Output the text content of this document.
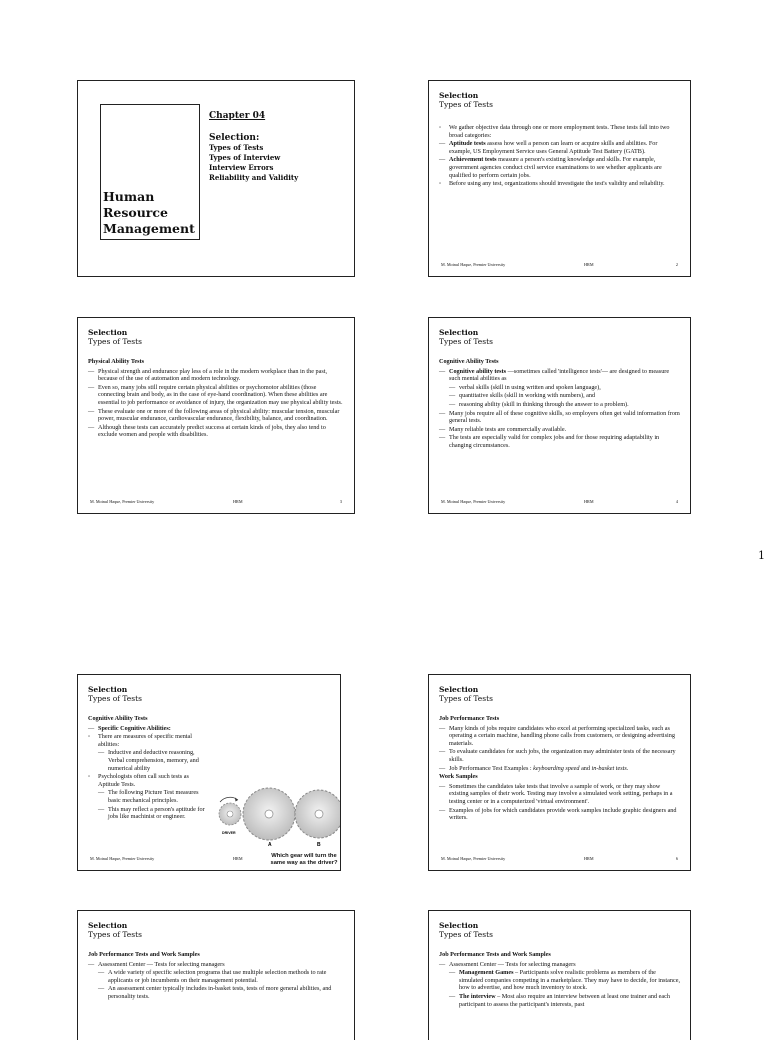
Human
Resource
Management
Chapter 04
Selection:
Types of Tests
Types of Interview
Interview Errors
Reliability and Validity
Selection
Types of Tests
◦ We gather objective data through one or more employment tests. These tests fall into two broad categories:
— Aptitude tests assess how well a person can learn or acquire skills and abilities. For example, US Employment Service uses General Aptitude Test Battery (GATB).
— Achievement tests measure a person's existing knowledge and skills. For example, government agencies conduct civil service examinations to see whether applicants are qualified to perform certain jobs.
◦ Before using any test, organizations should investigate the test's validity and reliability.
M. Moinul Haque, Premier University	HRM	2
Selection
Types of Tests
Physical Ability Tests
— Physical strength and endurance play less of a role in the modern workplace than in the past, because of the use of automation and modern technology.
— Even so, many jobs still require certain physical abilities or psychomotor abilities (those connecting brain and body, as in the case of eye-hand coordination). When these abilities are essential to job performance or avoidance of injury, the organization may use physical ability tests.
— These evaluate one or more of the following areas of physical ability: muscular tension, muscular power, muscular endurance, cardiovascular endurance, flexibility, balance, and coordination.
— Although these tests can accurately predict success at certain kinds of jobs, they also tend to exclude women and people with disabilities.
M. Moinul Haque, Premier University	HRM	3
Selection
Types of Tests
Cognitive Ability Tests
— Cognitive ability tests —sometimes called 'intelligence tests'— are designed to measure such mental abilities as
— verbal skills (skill in using written and spoken language),
— quantitative skills (skill in working with numbers), and
— reasoning ability (skill in thinking through the answer to a problem).
— Many jobs require all of these cognitive skills, so employers often get valid information from general tests.
— Many reliable tests are commercially available.
— The tests are especially valid for complex jobs and for those requiring adaptability in changing circumstances.
M. Moinul Haque, Premier University	HRM	4
1
Selection
Types of Tests
Cognitive Ability Tests
— Specific Cognitive Abilities:
◦ There are measures of specific mental abilities:
— Inductive and deductive reasoning, Verbal comprehension, memory, and numerical ability
◦ Psychologists often call such tests as Aptitude Tests.
— The following Picture Test measures basic mechanical principles.
— This may reflect a person's aptitude for jobs like machinist or engineer.
DRIVER
A	B
Which gear will turn the same way as the driver?
M. Moinul Haque, Premier University	HRM
Selection
Types of Tests
Job Performance Tests
— Many kinds of jobs require candidates who excel at performing specialized tasks, such as operating a certain machine, handling phone calls from customers, or designing advertising materials.
— To evaluate candidates for such jobs, the organization may administer tests of the necessary skills.
— Job Performance Test Examples : keyboarding speed and in-basket tests.
Work Samples
— Sometimes the candidates take tests that involve a sample of work, or they may show existing samples of their work. Testing may involve a simulated work setting, perhaps in a testing center or in a computerized 'virtual environment'.
— Examples of jobs for which candidates provide work samples include graphic designers and writers.
M. Moinul Haque, Premier University	HRM	6
Selection
Types of Tests
Job Performance Tests and Work Samples
— Assessment Center — Tests for selecting managers
— A wide variety of specific selection programs that use multiple selection methods to rate applicants or job incumbents on their management potential.
— An assessment center typically includes in-basket tests, tests of more general abilities, and personality tests.
Selection
Types of Tests
Job Performance Tests and Work Samples
— Assessment Center — Tests for selecting managers
— Management Games – Participants solve realistic problems as members of the simulated companies competing in a marketplace. They may have to decide, for instance, how to advertise, and how much inventory to stock.
— The interview – Most also require an interview between at least one trainer and each participant to assess the participant's interests, past
